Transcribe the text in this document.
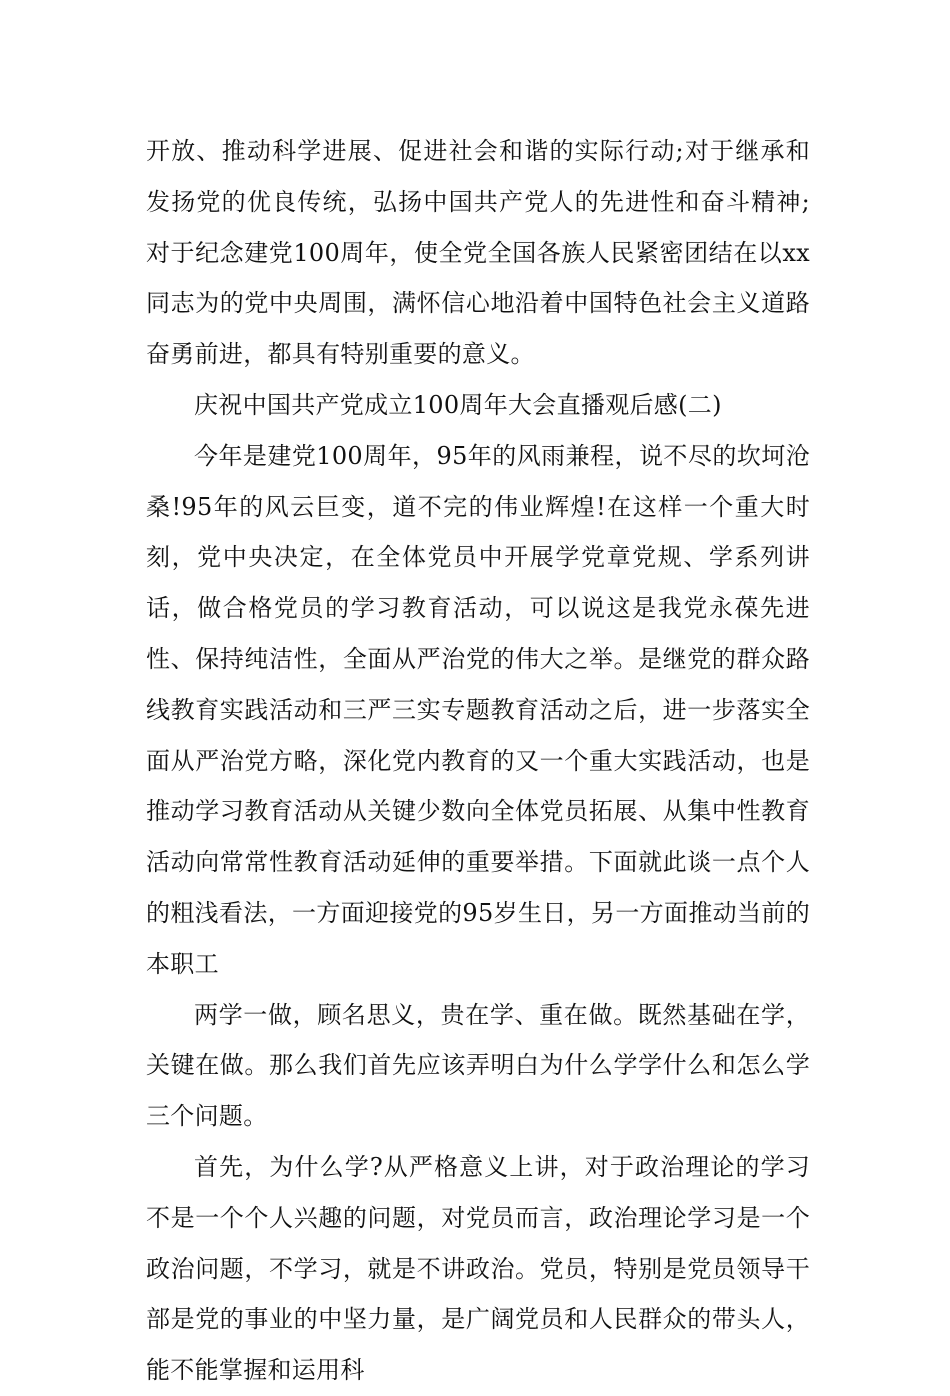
开放、推动科学进展、促进社会和谐的实际行动;对于继承和发扬党的优良传统，弘扬中国共产党人的先进性和奋斗精神;对于纪念建党100周年，使全党全国各族人民紧密团结在以xx同志为的党中央周围，满怀信心地沿着中国特色社会主义道路奋勇前进，都具有特别重要的意义。

庆祝中国共产党成立100周年大会直播观后感(二)

今年是建党100周年，95年的风雨兼程，说不尽的坎坷沧桑!95年的风云巨变，道不完的伟业辉煌!在这样一个重大时刻，党中央决定，在全体党员中开展学党章党规、学系列讲话，做合格党员的学习教育活动，可以说这是我党永葆先进性、保持纯洁性，全面从严治党的伟大之举。是继党的群众路线教育实践活动和三严三实专题教育活动之后，进一步落实全面从严治党方略，深化党内教育的又一个重大实践活动，也是推动学习教育活动从关键少数向全体党员拓展、从集中性教育活动向常常性教育活动延伸的重要举措。下面就此谈一点个人的粗浅看法，一方面迎接党的95岁生日，另一方面推动当前的本职工

两学一做，顾名思义，贵在学、重在做。既然基础在学，关键在做。那么我们首先应该弄明白为什么学学什么和怎么学三个问题。

首先，为什么学?从严格意义上讲，对于政治理论的学习不是一个个人兴趣的问题，对党员而言，政治理论学习是一个政治问题，不学习，就是不讲政治。党员，特别是党员领导干部是党的事业的中坚力量，是广阔党员和人民群众的带头人，能不能掌握和运用科
